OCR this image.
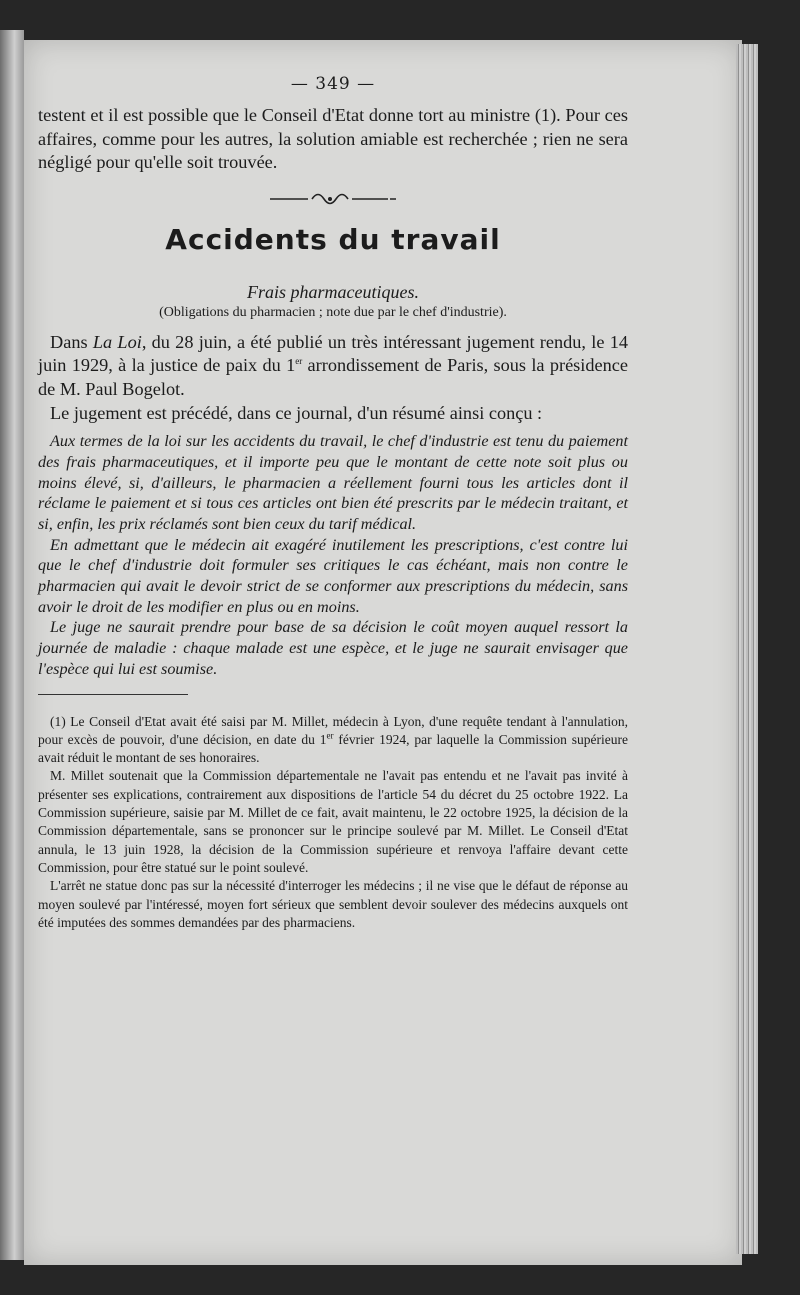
— 349 —

testent et il est possible que le Conseil d'Etat donne tort au ministre (1). Pour ces affaires, comme pour les autres, la solution amiable est recherchée ; rien ne sera négligé pour qu'elle soit trouvée.

Accidents du travail
Frais pharmaceutiques.
(Obligations du pharmacien ; note due par le chef d'industrie).

Dans La Loi, du 28 juin, a été publié un très intéressant jugement rendu, le 14 juin 1929, à la justice de paix du 1er arrondissement de Paris, sous la présidence de M. Paul Bogelot.

Le jugement est précédé, dans ce journal, d'un résumé ainsi conçu :

Aux termes de la loi sur les accidents du travail, le chef d'industrie est tenu du paiement des frais pharmaceutiques, et il importe peu que le montant de cette note soit plus ou moins élevé, si, d'ailleurs, le pharmacien a réellement fourni tous les articles dont il réclame le paiement et si tous ces articles ont bien été prescrits par le médecin traitant, et si, enfin, les prix réclamés sont bien ceux du tarif médical.

En admettant que le médecin ait exagéré inutilement les prescriptions, c'est contre lui que le chef d'industrie doit formuler ses critiques le cas échéant, mais non contre le pharmacien qui avait le devoir strict de se conformer aux prescriptions du médecin, sans avoir le droit de les modifier en plus ou en moins.

Le juge ne saurait prendre pour base de sa décision le coût moyen auquel ressort la journée de maladie : chaque malade est une espèce, et le juge ne saurait envisager que l'espèce qui lui est soumise.

(1) Le Conseil d'Etat avait été saisi par M. Millet, médecin à Lyon, d'une requête tendant à l'annulation, pour excès de pouvoir, d'une décision, en date du 1er février 1924, par laquelle la Commission supérieure avait réduit le montant de ses honoraires.

M. Millet soutenait que la Commission départementale ne l'avait pas entendu et ne l'avait pas invité à présenter ses explications, contrairement aux dispositions de l'article 54 du décret du 25 octobre 1922. La Commission supérieure, saisie par M. Millet de ce fait, avait maintenu, le 22 octobre 1925, la décision de la Commission départementale, sans se prononcer sur le principe soulevé par M. Millet. Le Conseil d'Etat annula, le 13 juin 1928, la décision de la Commission supérieure et renvoya l'affaire devant cette Commission, pour être statué sur le point soulevé.

L'arrêt ne statue donc pas sur la nécessité d'interroger les médecins ; il ne vise que le défaut de réponse au moyen soulevé par l'intéressé, moyen fort sérieux que semblent devoir soulever des médecins auxquels ont été imputées des sommes demandées par des pharmaciens.
